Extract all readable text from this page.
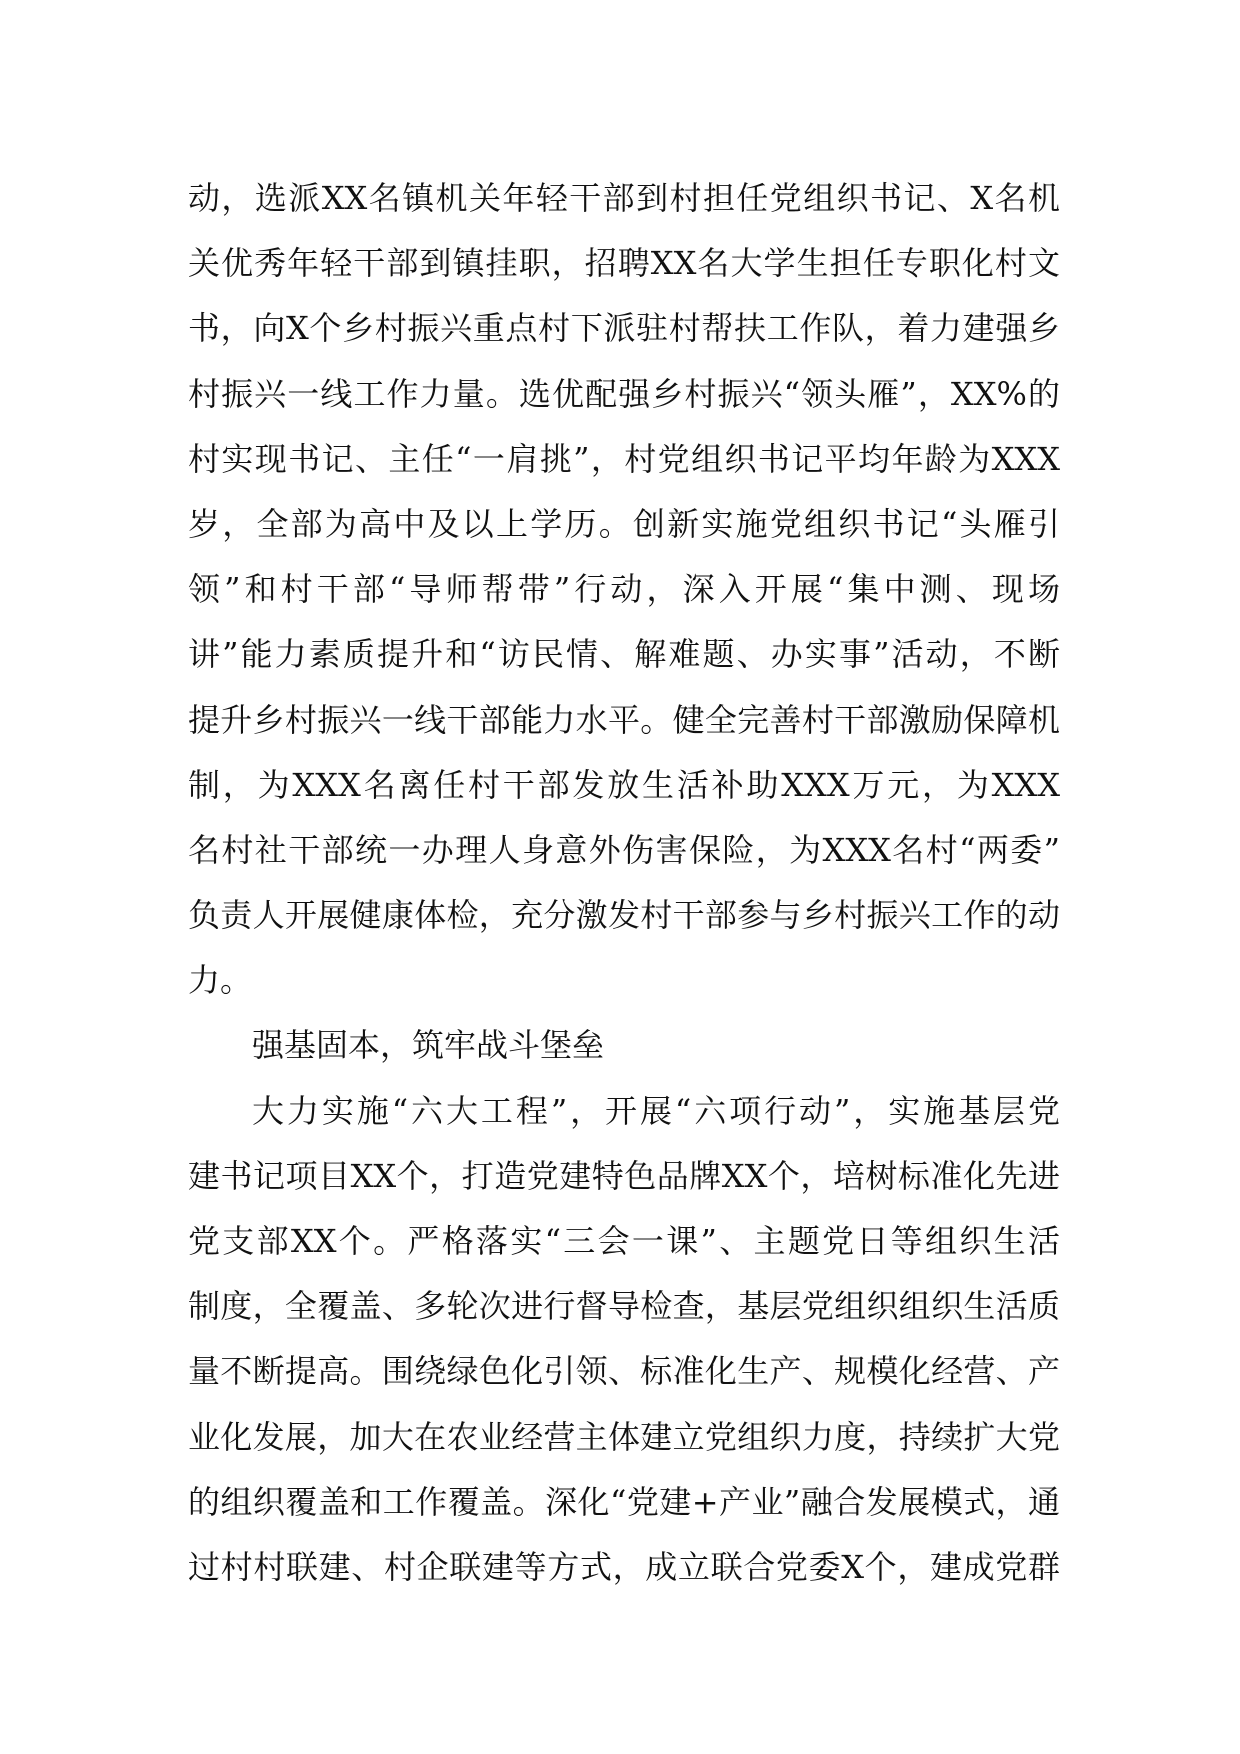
动，选派XX名镇机关年轻干部到村担任党组织书记、X名机
关优秀年轻干部到镇挂职，招聘XX名大学生担任专职化村文
书，向X个乡村振兴重点村下派驻村帮扶工作队，着力建强乡
村振兴一线工作力量。选优配强乡村振兴“领头雁”，XX%的
村实现书记、主任“一肩挑”，村党组织书记平均年龄为XXX
岁，全部为高中及以上学历。创新实施党组织书记“头雁引
领”和村干部“导师帮带”行动，深入开展“集中测、现场
讲”能力素质提升和“访民情、解难题、办实事”活动，不断
提升乡村振兴一线干部能力水平。健全完善村干部激励保障机
制，为XXX名离任村干部发放生活补助XXX万元，为XXX
名村社干部统一办理人身意外伤害保险，为XXX名村“两委”
负责人开展健康体检，充分激发村干部参与乡村振兴工作的动
力。
强基固本，筑牢战斗堡垒
大力实施“六大工程”，开展“六项行动”，实施基层党
建书记项目XX个，打造党建特色品牌XX个，培树标准化先进
党支部XX个。严格落实“三会一课”、主题党日等组织生活
制度，全覆盖、多轮次进行督导检查，基层党组织组织生活质
量不断提高。围绕绿色化引领、标准化生产、规模化经营、产
业化发展，加大在农业经营主体建立党组织力度，持续扩大党
的组织覆盖和工作覆盖。深化“党建+产业”融合发展模式，通
过村村联建、村企联建等方式，成立联合党委X个，建成党群
